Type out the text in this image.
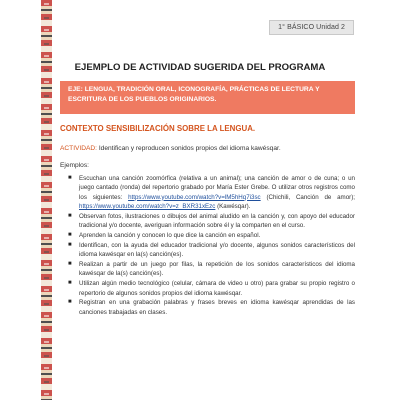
1° BÁSICO Unidad 2
EJEMPLO DE ACTIVIDAD SUGERIDA DEL PROGRAMA
EJE: LENGUA, TRADICIÓN ORAL, ICONOGRAFÍA, PRÁCTICAS DE LECTURA Y ESCRITURA DE LOS PUEBLOS ORIGINARIOS.
CONTEXTO SENSIBILIZACIÓN SOBRE LA LENGUA.
ACTIVIDAD: Identifican y reproducen sonidos propios del idioma kawésqar.
Ejemplos:
■ Escuchan una canción zoomórfica (relativa a un animal); una canción de amor o de cuna; o un juego cantado (ronda) del repertorio grabado por María Ester Grebe. O utilizar otros registros como los siguientes: https://www.youtube.com/watch?v=lM5hHq7i3sc (Chichili, Canción de amor); https://www.youtube.com/watch?v=z_BXR31xEzc (Kawésqar).
■ Observan fotos, ilustraciones o dibujos del animal aludido en la canción y, con apoyo del educador tradicional y/o docente, averiguan información sobre él y la comparten en el curso.
■ Aprenden la canción y conocen lo que dice la canción en español.
■ Identifican, con la ayuda del educador tradicional y/o docente, algunos sonidos característicos del idioma kawésqar en la(s) canción(es).
■ Realizan a partir de un juego por filas, la repetición de los sonidos característicos del idioma kawésqar de la(s) canción(es).
■ Utilizan algún medio tecnológico (celular, cámara de video u otro) para grabar su propio registro o repertorio de algunos sonidos propios del idioma kawésqar.
■ Registran en una grabación palabras y frases breves en idioma kawésqar aprendidas de las canciones trabajadas en clases.
